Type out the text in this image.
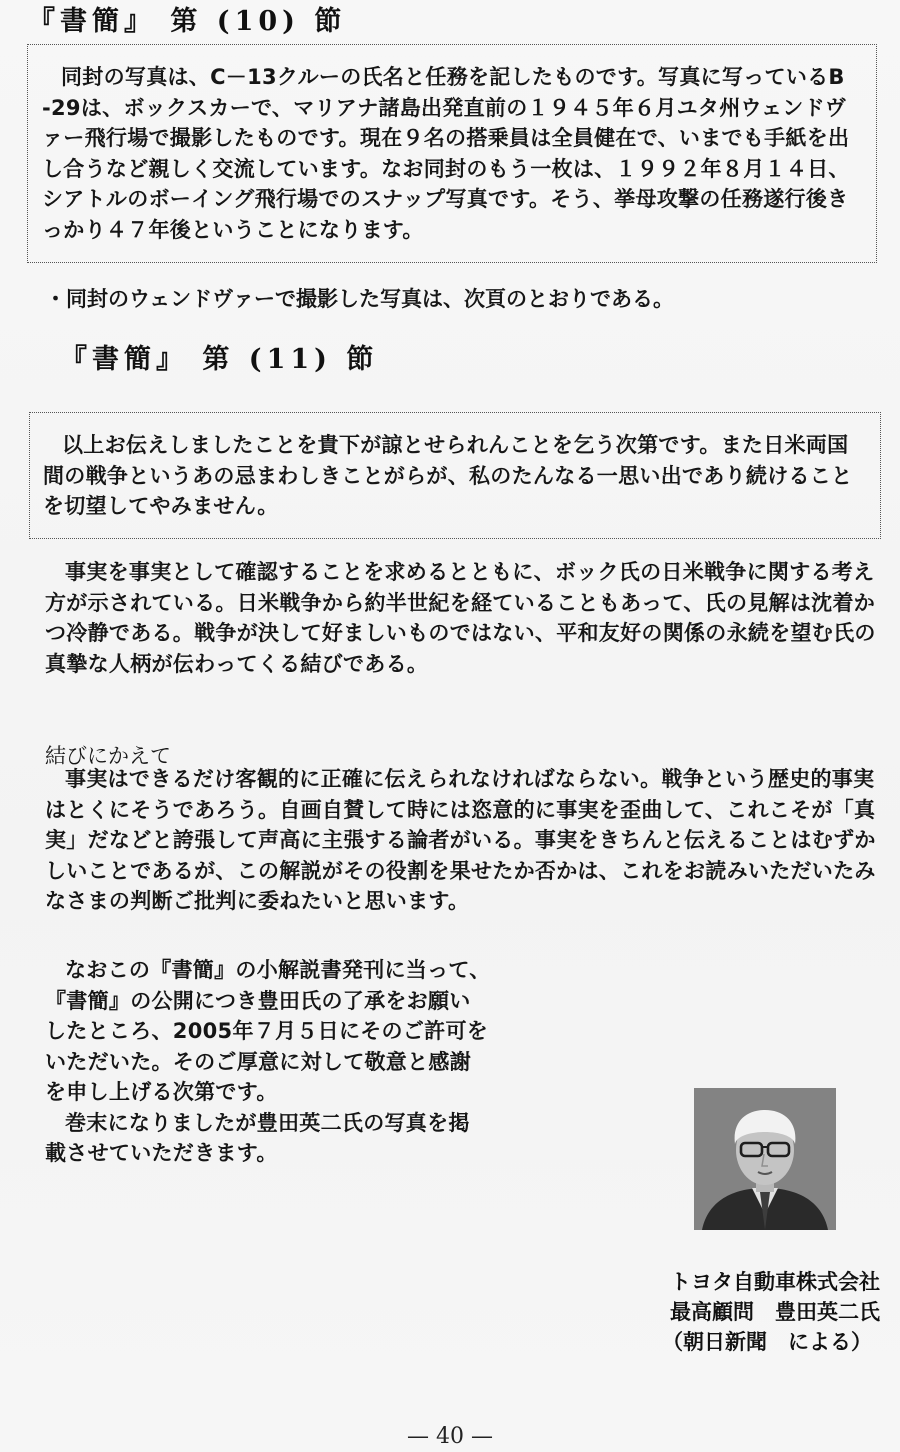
『書簡』 第 (10) 節
同封の写真は、C－13クルーの氏名と任務を記したものです。写真に写っているB
-29は、ボックスカーで、マリアナ諸島出発直前の１９４５年６月ユタ州ウェンドヴ
ァー飛行場で撮影したものです。現在９名の搭乗員は全員健在で、いまでも手紙を出
し合うなど親しく交流しています。なお同封のもう一枚は、１９９２年８月１４日、
シアトルのボーイング飛行場でのスナップ写真です。そう、挙母攻撃の任務遂行後き
っかり４７年後ということになります。
・同封のウェンドヴァーで撮影した写真は、次頁のとおりである。
『書簡』 第 (11) 節
以上お伝えしましたことを貴下が諒とせられんことを乞う次第です。また日米両国
間の戦争というあの忌まわしきことがらが、私のたんなる一思い出であり続けること
を切望してやみません。
事実を事実として確認することを求めるとともに、ボック氏の日米戦争に関する考え
方が示されている。日米戦争から約半世紀を経ていることもあって、氏の見解は沈着か
つ冷静である。戦争が決して好ましいものではない、平和友好の関係の永続を望む氏の
真摯な人柄が伝わってくる結びである。
結びにかえて
事実はできるだけ客観的に正確に伝えられなければならない。戦争という歴史的事実
はとくにそうであろう。自画自賛して時には恣意的に事実を歪曲して、これこそが「真
実」だなどと誇張して声高に主張する論者がいる。事実をきちんと伝えることはむずか
しいことであるが、この解説がその役割を果せたか否かは、これをお読みいただいたみ
なさまの判断ご批判に委ねたいと思います。
なおこの『書簡』の小解説書発刊に当って、
『書簡』の公開につき豊田氏の了承をお願い
したところ、2005年７月５日にそのご許可を
いただいた。そのご厚意に対して敬意と感謝
を申し上げる次第です。
巻末になりましたが豊田英二氏の写真を掲
載させていただきます。
トヨタ自動車株式会社
最高顧問　豊田英二氏
（朝日新聞　による）
— 40 —
